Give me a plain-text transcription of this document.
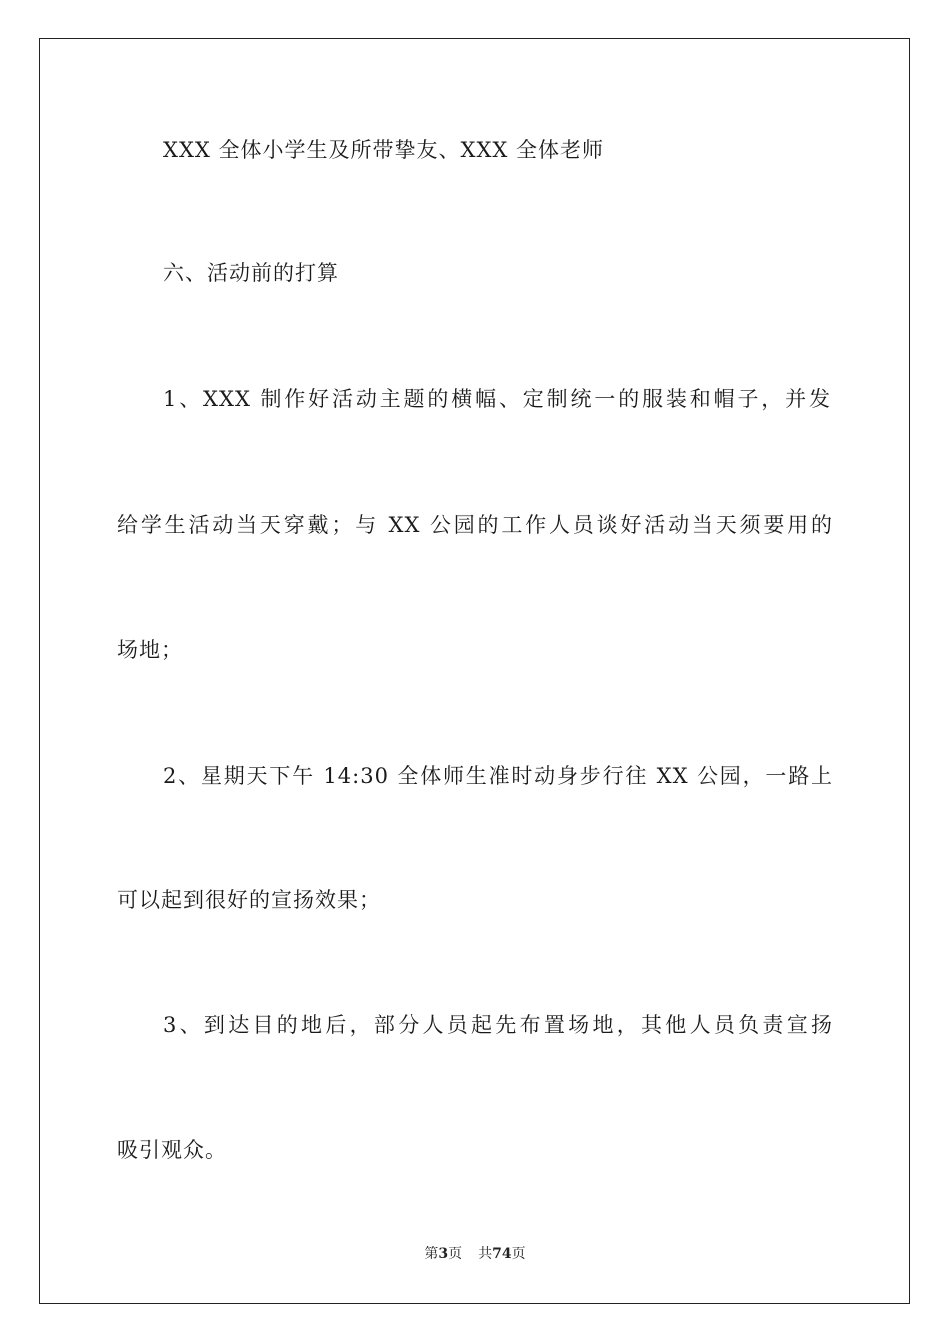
XXX 全体小学生及所带挚友、XXX 全体老师
六、活动前的打算
1、XXX 制作好活动主题的横幅、定制统一的服装和帽子，并发
给学生活动当天穿戴；与 XX 公园的工作人员谈好活动当天须要用的
场地；
2、星期天下午 14:30 全体师生准时动身步行往 XX 公园，一路上
可以起到很好的宣扬效果；
3、到达目的地后，部分人员起先布置场地，其他人员负责宣扬
吸引观众。
第3页 共74页
